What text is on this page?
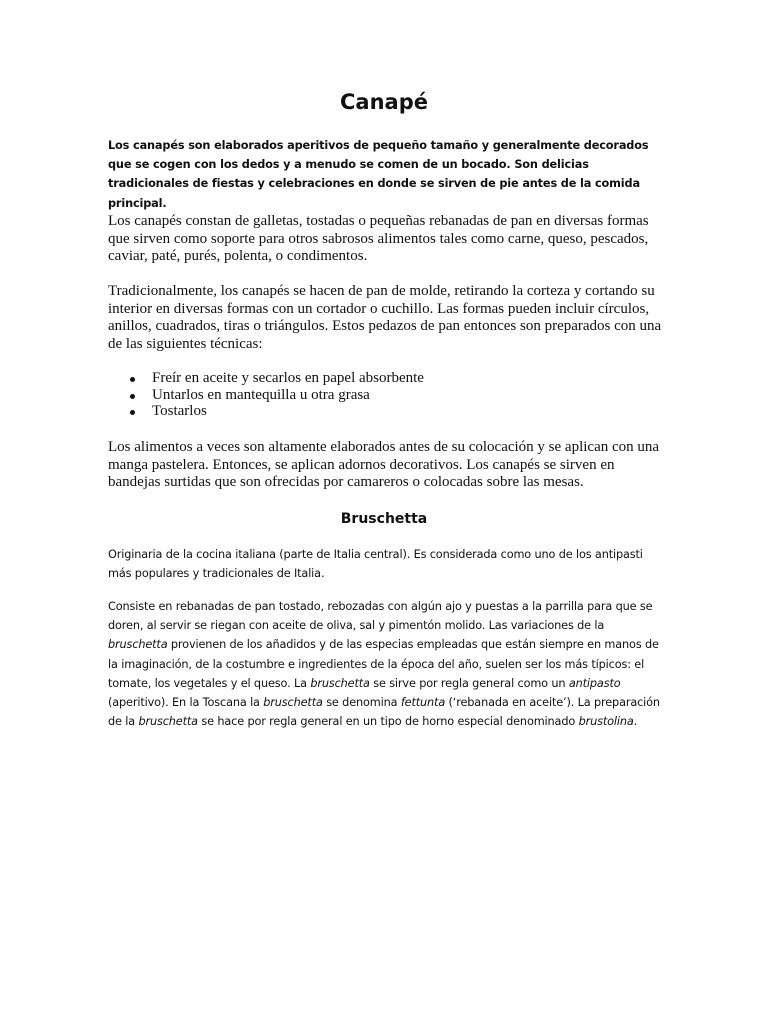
Canapé

Los canapés son elaborados aperitivos de pequeño tamaño y generalmente decorados que se cogen con los dedos y a menudo se comen de un bocado. Son delicias tradicionales de fiestas y celebraciones en donde se sirven de pie antes de la comida principal.

Los canapés constan de galletas, tostadas o pequeñas rebanadas de pan en diversas formas que sirven como soporte para otros sabrosos alimentos tales como carne, queso, pescados, caviar, paté, purés, polenta, o condimentos.

Tradicionalmente, los canapés se hacen de pan de molde, retirando la corteza y cortando su interior en diversas formas con un cortador o cuchillo. Las formas pueden incluir círculos, anillos, cuadrados, tiras o triángulos. Estos pedazos de pan entonces son preparados con una de las siguientes técnicas:

Freír en aceite y secarlos en papel absorbente
Untarlos en mantequilla u otra grasa
Tostarlos

Los alimentos a veces son altamente elaborados antes de su colocación y se aplican con una manga pastelera. Entonces, se aplican adornos decorativos. Los canapés se sirven en bandejas surtidas que son ofrecidas por camareros o colocadas sobre las mesas.

Bruschetta

Originaria de la cocina italiana (parte de Italia central). Es considerada como uno de los antipasti más populares y tradicionales de Italia.

Consiste en rebanadas de pan tostado, rebozadas con algún ajo y puestas a la parrilla para que se doren, al servir se riegan con aceite de oliva, sal y pimentón molido. Las variaciones de la bruschetta provienen de los añadidos y de las especias empleadas que están siempre en manos de la imaginación, de la costumbre e ingredientes de la época del año, suelen ser los más típicos: el tomate, los vegetales y el queso. La bruschetta se sirve por regla general como un antipasto (aperitivo). En la Toscana la bruschetta se denomina fettunta (‘rebanada en aceite’). La preparación de la bruschetta se hace por regla general en un tipo de horno especial denominado brustolina.
